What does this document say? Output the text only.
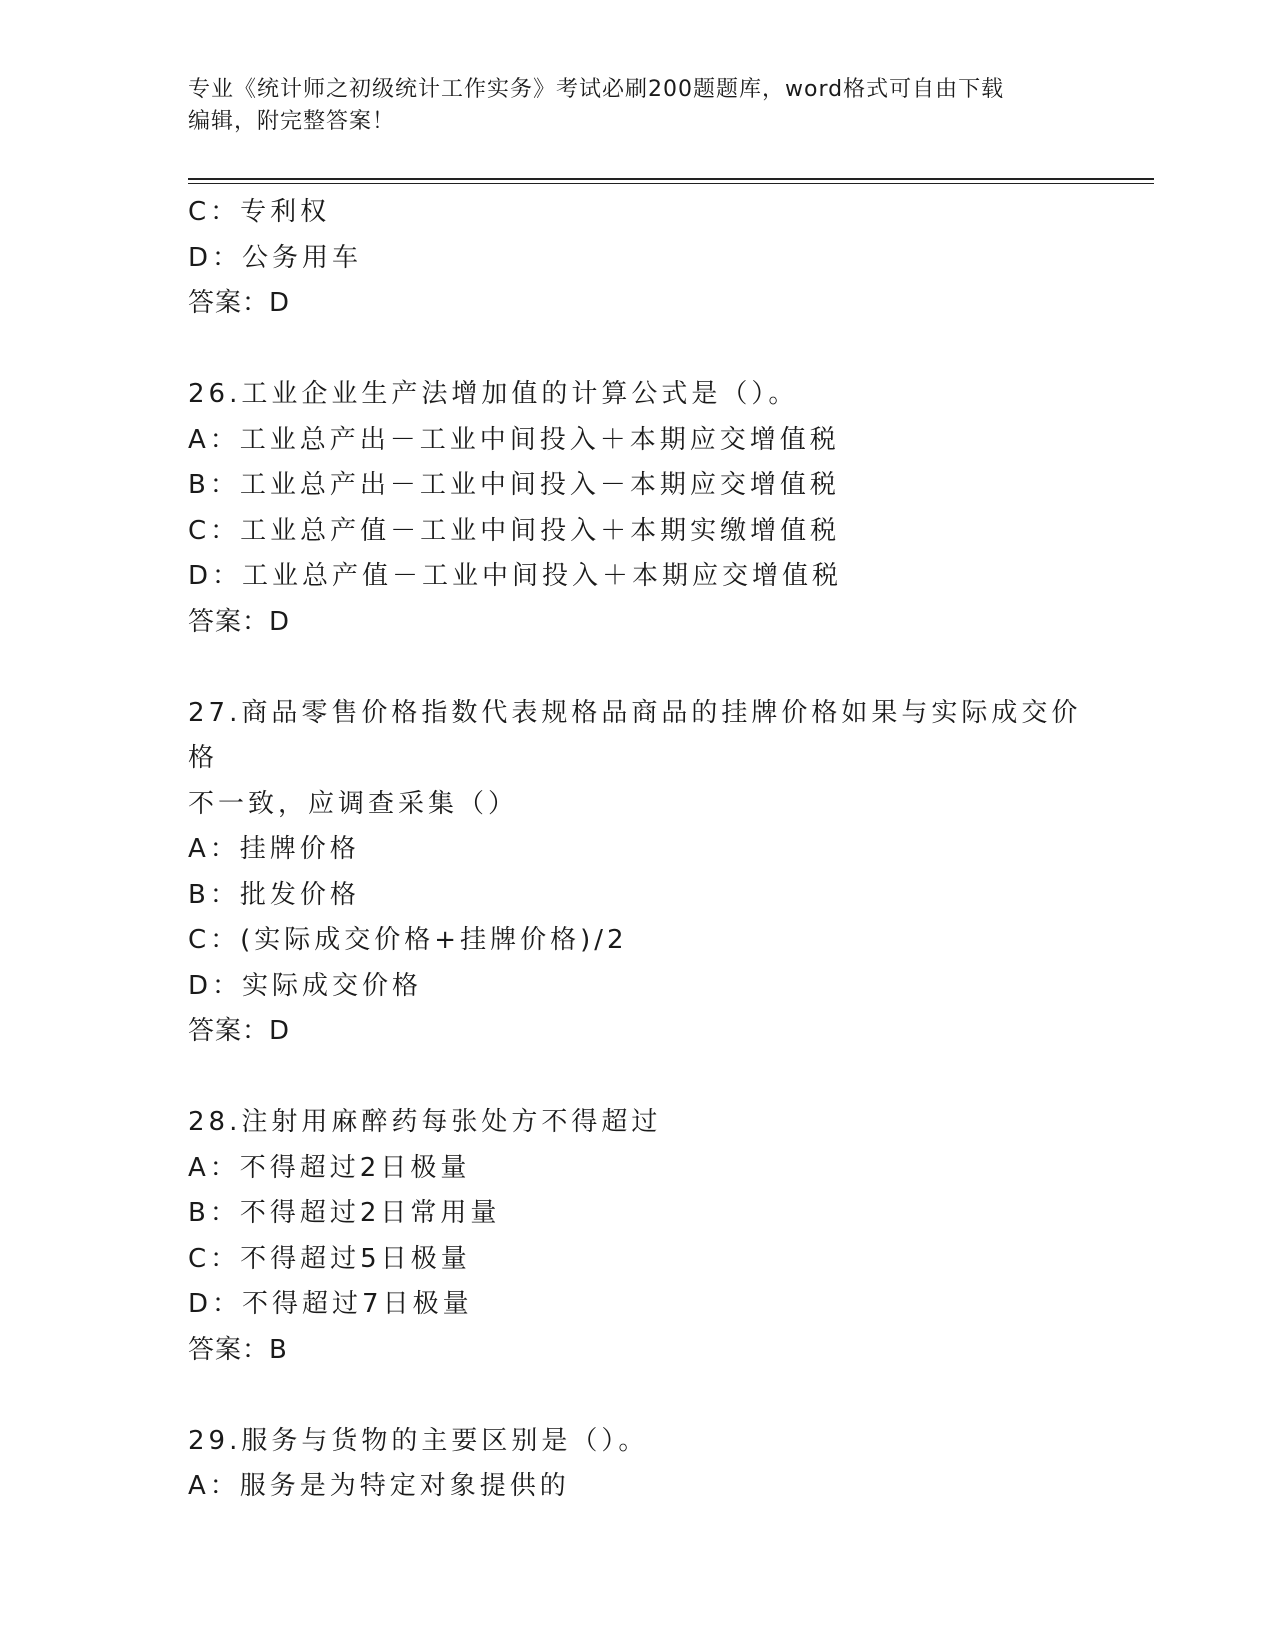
专业《统计师之初级统计工作实务》考试必刷200题题库，word格式可自由下载
编辑，附完整答案！
C：专利权
D：公务用车
答案：D
26.工业企业生产法增加值的计算公式是（）。
A：工业总产出－工业中间投入＋本期应交增值税
B：工业总产出－工业中间投入－本期应交增值税
C：工业总产值－工业中间投入＋本期实缴增值税
D：工业总产值－工业中间投入＋本期应交增值税
答案：D
27.商品零售价格指数代表规格品商品的挂牌价格如果与实际成交价格
不一致，应调查采集（）
A：挂牌价格
B：批发价格
C：(实际成交价格+挂牌价格)/2
D：实际成交价格
答案：D
28.注射用麻醉药每张处方不得超过
A：不得超过2日极量
B：不得超过2日常用量
C：不得超过5日极量
D：不得超过7日极量
答案：B
29.服务与货物的主要区别是（）。
A：服务是为特定对象提供的
